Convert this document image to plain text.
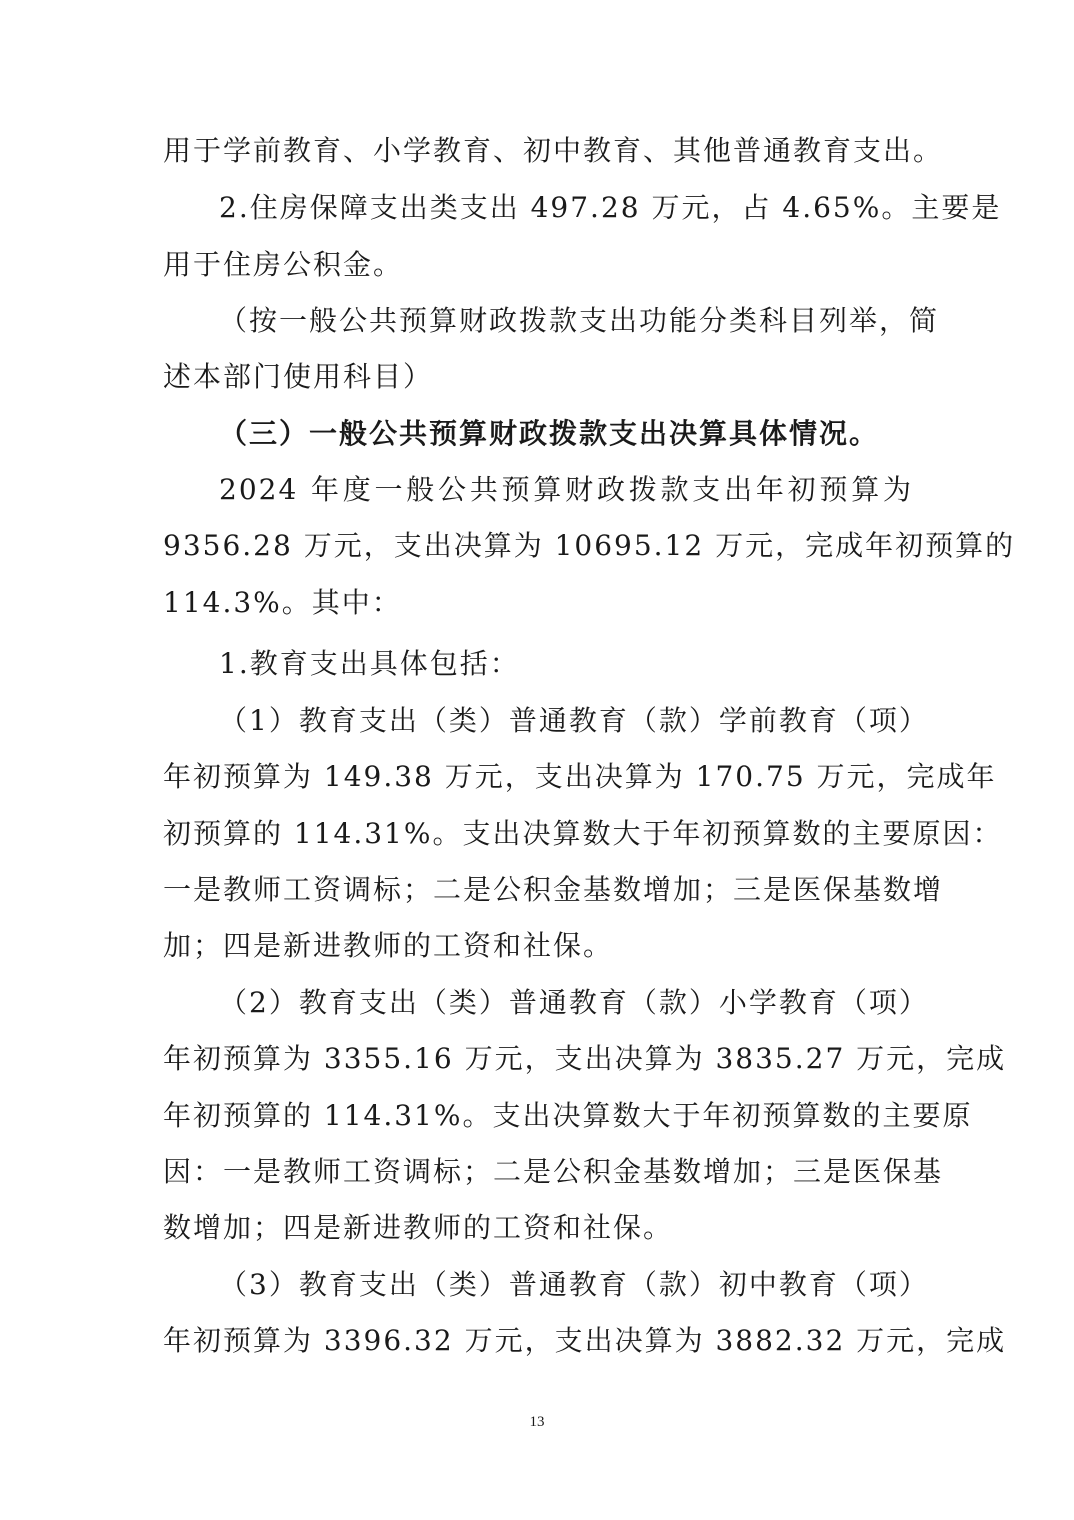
用于学前教育、小学教育、初中教育、其他普通教育支出。
2.住房保障支出类支出 497.28 万元，占 4.65%。主要是
用于住房公积金。
（按一般公共预算财政拨款支出功能分类科目列举，简
述本部门使用科目）
（三）一般公共预算财政拨款支出决算具体情况。
2024 年度一般公共预算财政拨款支出年初预算为
9356.28 万元，支出决算为 10695.12 万元，完成年初预算的
114.3%。其中：
1.教育支出具体包括：
（1）教育支出（类）普通教育（款）学前教育（项）
年初预算为 149.38 万元，支出决算为 170.75 万元，完成年
初预算的 114.31%。支出决算数大于年初预算数的主要原因：
一是教师工资调标；二是公积金基数增加；三是医保基数增
加；四是新进教师的工资和社保。
（2）教育支出（类）普通教育（款）小学教育（项）
年初预算为 3355.16 万元，支出决算为 3835.27 万元，完成
年初预算的 114.31%。支出决算数大于年初预算数的主要原
因：一是教师工资调标；二是公积金基数增加；三是医保基
数增加；四是新进教师的工资和社保。
（3）教育支出（类）普通教育（款）初中教育（项）
年初预算为 3396.32 万元，支出决算为 3882.32 万元，完成
13
